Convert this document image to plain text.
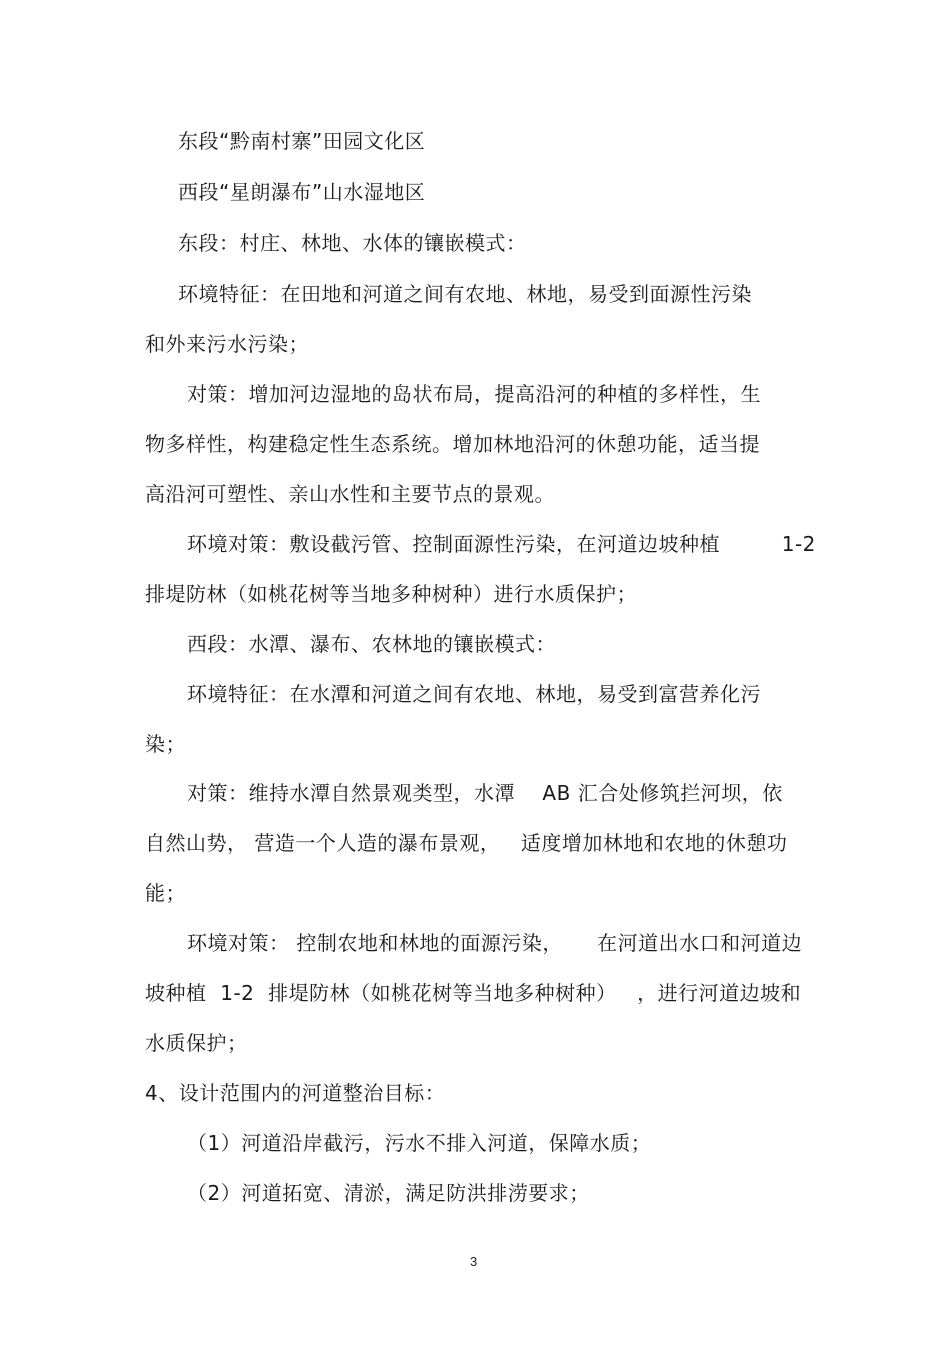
东段“黔南村寨”田园文化区
西段“星朗瀑布”山水湿地区
东段：村庄、林地、水体的镶嵌模式：
环境特征：在田地和河道之间有农地、林地，易受到面源性污染
和外来污水污染；
对策：增加河边湿地的岛状布局，提高沿河的种植的多样性，生
物多样性，构建稳定性生态系统。增加林地沿河的休憩功能，适当提
高沿河可塑性、亲山水性和主要节点的景观。
环境对策：敷设截污管、控制面源性污染，在河道边坡种植         1-2
排堤防林（如桃花树等当地多种树种）进行水质保护；
西段：水潭、瀑布、农林地的镶嵌模式：
环境特征：在水潭和河道之间有农地、林地，易受到富营养化污
染；
对策：维持水潭自然景观类型，水潭    AB 汇合处修筑拦河坝，依
自然山势， 营造一个人造的瀑布景观，   适度增加林地和农地的休憩功
能；
环境对策： 控制农地和林地的面源污染，     在河道出水口和河道边
坡种植  1-2  排堤防林（如桃花树等当地多种树种）   ，进行河道边坡和
水质保护；
4、设计范围内的河道整治目标：
（1）河道沿岸截污，污水不排入河道，保障水质；
（2）河道拓宽、清淤，满足防洪排涝要求；
3
